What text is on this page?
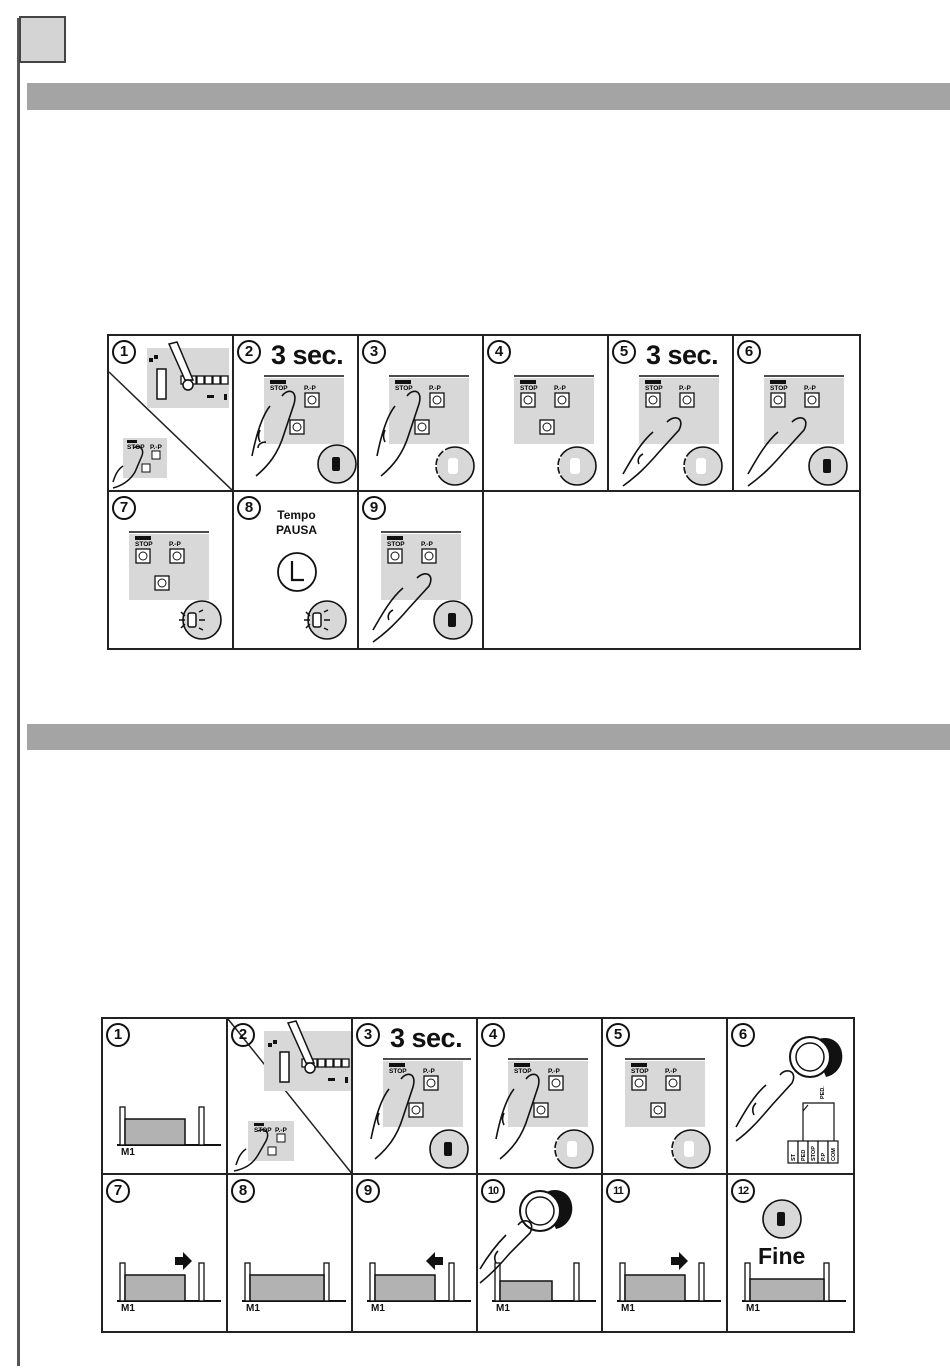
STOP P.-P
1
STOP	P.-P
2 3 sec.
STOP	P.-P
3
STOP	P.-P
4
STOP	P.-P
5 3 sec.
STOP	P.-P
6
STOP	P.-P
7	8	Tempo
PAUSA
STOP	P.-P
9
1
M1
STOP P.-P
2
STOP	P.-P
3 3 sec.
STOP	P.-P
4
STOP	P.-P
5
ST PED STOP P.P COM
PED.
6
7
M1
8
M1
9
M1
10
M1
11
M1
12
Fine
M1
